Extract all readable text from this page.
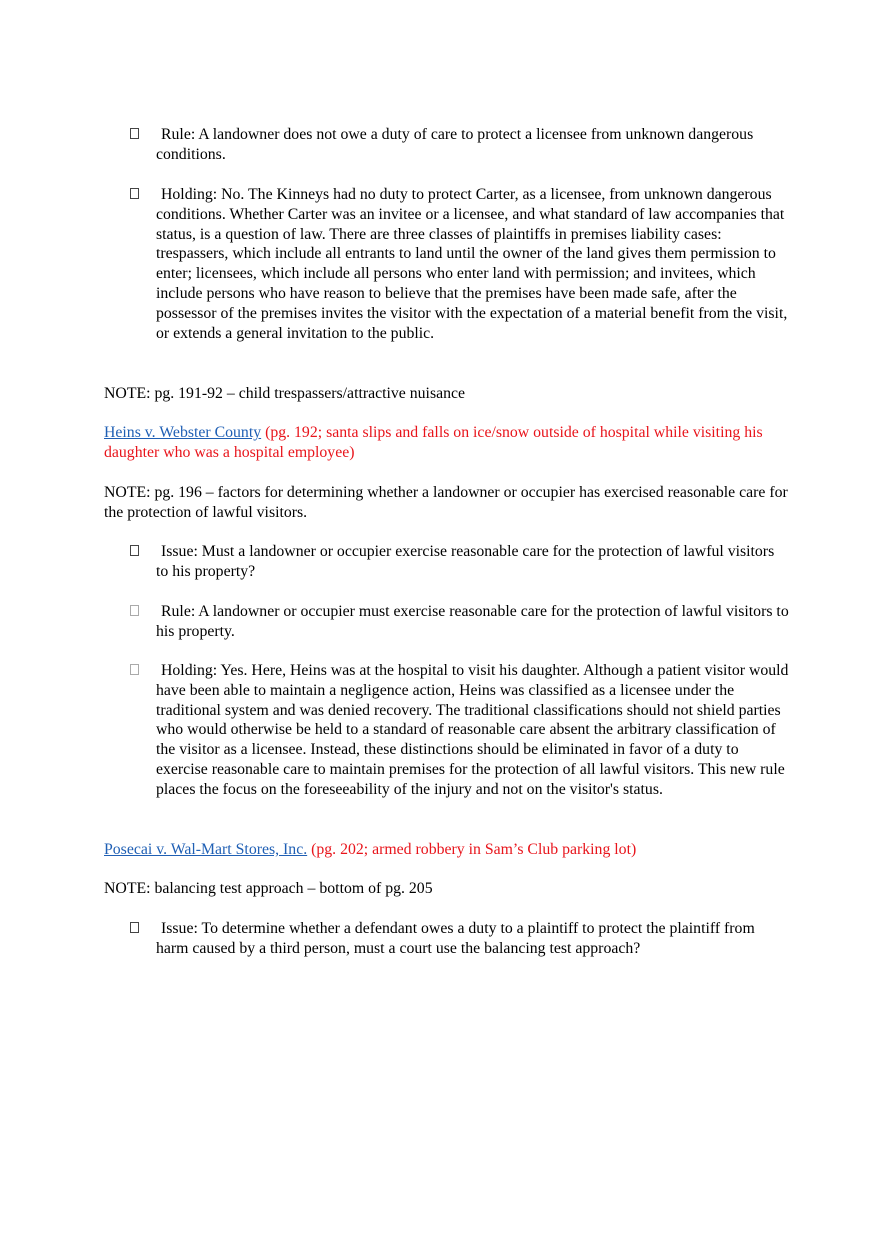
Rule: A landowner does not owe a duty of care to protect a licensee from unknown dangerous conditions.

Holding: No. The Kinneys had no duty to protect Carter, as a licensee, from unknown dangerous conditions. Whether Carter was an invitee or a licensee, and what standard of law accompanies that status, is a question of law. There are three classes of plaintiffs in premises liability cases: trespassers, which include all entrants to land until the owner of the land gives them permission to enter; licensees, which include all persons who enter land with permission; and invitees, which include persons who have reason to believe that the premises have been made safe, after the possessor of the premises invites the visitor with the expectation of a material benefit from the visit, or extends a general invitation to the public.

NOTE: pg. 191-92 – child trespassers/attractive nuisance

Heins v. Webster County (pg. 192; santa slips and falls on ice/snow outside of hospital while visiting his daughter who was a hospital employee)

NOTE: pg. 196 – factors for determining whether a landowner or occupier has exercised reasonable care for the protection of lawful visitors.

Issue: Must a landowner or occupier exercise reasonable care for the protection of lawful visitors to his property?

Rule: A landowner or occupier must exercise reasonable care for the protection of lawful visitors to his property.

Holding: Yes. Here, Heins was at the hospital to visit his daughter. Although a patient visitor would have been able to maintain a negligence action, Heins was classified as a licensee under the traditional system and was denied recovery. The traditional classifications should not shield parties who would otherwise be held to a standard of reasonable care absent the arbitrary classification of the visitor as a licensee. Instead, these distinctions should be eliminated in favor of a duty to exercise reasonable care to maintain premises for the protection of all lawful visitors. This new rule places the focus on the foreseeability of the injury and not on the visitor's status.

Posecai v. Wal-Mart Stores, Inc. (pg. 202; armed robbery in Sam’s Club parking lot)

NOTE: balancing test approach – bottom of pg. 205

Issue: To determine whether a defendant owes a duty to a plaintiff to protect the plaintiff from harm caused by a third person, must a court use the balancing test approach?
